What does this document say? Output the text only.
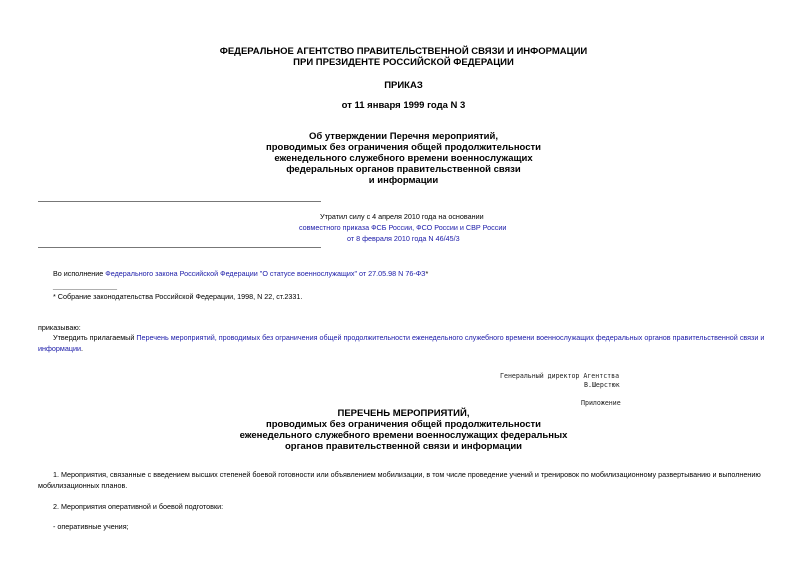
ФЕДЕРАЛЬНОЕ АГЕНТСТВО ПРАВИТЕЛЬСТВЕННОЙ СВЯЗИ И ИНФОРМАЦИИ
ПРИ ПРЕЗИДЕНТЕ РОССИЙСКОЙ ФЕДЕРАЦИИ
ПРИКАЗ
от 11 января 1999 года N 3
Об утверждении Перечня мероприятий,
проводимых без ограничения общей продолжительности
еженедельного служебного времени военнослужащих
федеральных органов правительственной связи
и информации
Утратил силу с 4 апреля 2010 года на основании
совместного приказа ФСБ России, ФСО России и СВР России
от 8 февраля 2010 года N 46/45/3
Во исполнение Федерального закона Российской Федерации "О статусе военнослужащих" от 27.05.98 N 76-ФЗ*
________________
* Собрание законодательства Российской Федерации, 1998, N 22, ст.2331.
приказываю:
Утвердить прилагаемый Перечень мероприятий, проводимых без ограничения общей продолжительности еженедельного служебного времени военнослужащих федеральных органов правительственной связи и
информации.
Генеральный директор Агентства
В.Шерстюк
Приложение
ПЕРЕЧЕНЬ МЕРОПРИЯТИЙ,
проводимых без ограничения общей продолжительности
еженедельного служебного времени военнослужащих федеральных
органов правительственной связи и информации
1. Мероприятия, связанные с введением высших степеней боевой готовности или объявлением мобилизации, в том числе проведение учений и тренировок по мобилизационному развертыванию и выполнению
мобилизационных планов.
2. Мероприятия оперативной и боевой подготовки:
- оперативные учения;
